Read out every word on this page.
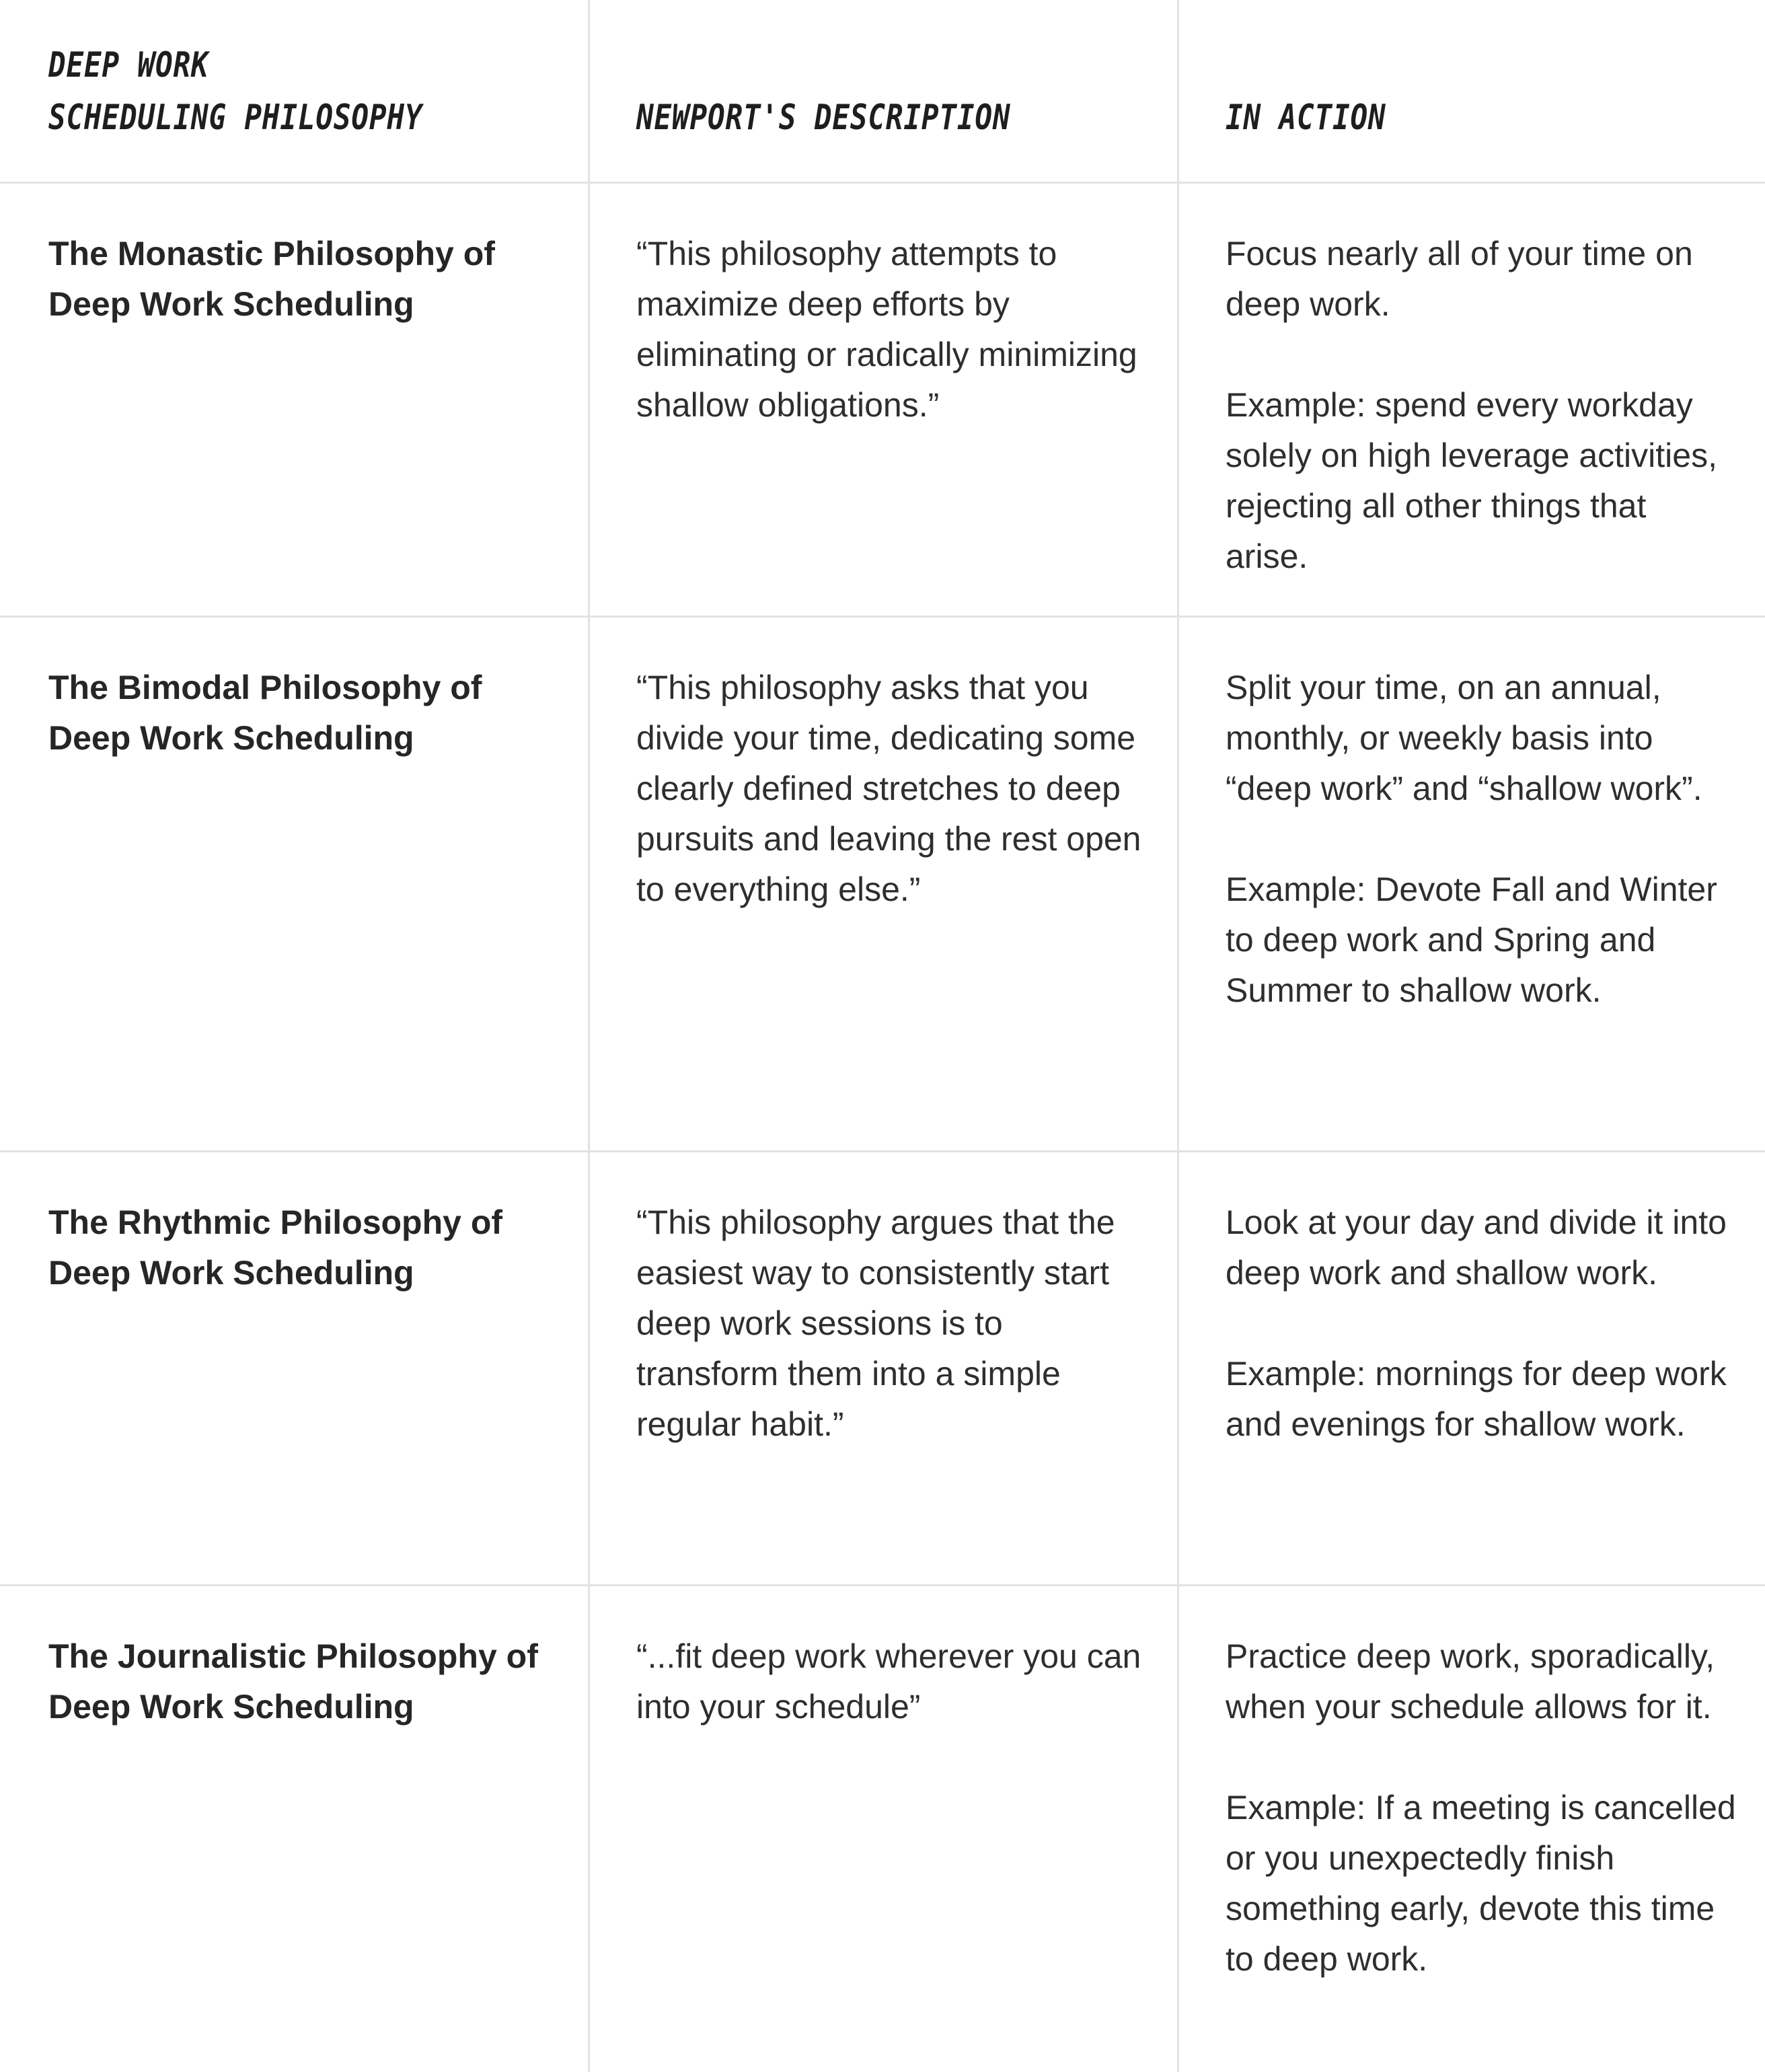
DEEP WORK
SCHEDULING PHILOSOPHY	NEWPORT'S DESCRIPTION	IN ACTION
The Monastic Philosophy of Deep Work Scheduling
“This philosophy attempts to maximize deep efforts by eliminating or radically minimizing shallow obligations.”

Focus nearly all of your time on deep work.

Example: spend every workday solely on high leverage activities, rejecting all other things that arise.

The Bimodal Philosophy of Deep Work Scheduling
“This philosophy asks that you divide your time, dedicating some clearly defined stretches to deep pursuits and leaving the rest open to everything else.”

Split your time, on an annual, monthly, or weekly basis into “deep work” and “shallow work”.

Example: Devote Fall and Winter to deep work and Spring and Summer to shallow work.

The Rhythmic Philosophy of Deep Work Scheduling
“This philosophy argues that the easiest way to consistently start deep work sessions is to transform them into a simple regular habit.”

Look at your day and divide it into deep work and shallow work.

Example: mornings for deep work and evenings for shallow work.

The Journalistic Philosophy of Deep Work Scheduling
“...fit deep work wherever you can into your schedule”

Practice deep work, sporadically, when your schedule allows for it.

Example: If a meeting is cancelled or you unexpectedly finish something early, devote this time to deep work.
